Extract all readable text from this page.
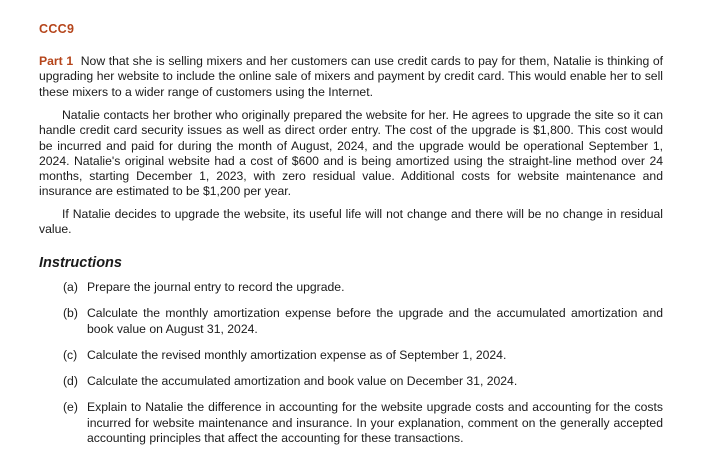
CCC9

Part 1 Now that she is selling mixers and her customers can use credit cards to pay for them, Natalie is thinking of upgrading her website to include the online sale of mixers and payment by credit card. This would enable her to sell these mixers to a wider range of customers using the Internet.

Natalie contacts her brother who originally prepared the website for her. He agrees to upgrade the site so it can handle credit card security issues as well as direct order entry. The cost of the upgrade is $1,800. This cost would be incurred and paid for during the month of August, 2024, and the upgrade would be operational September 1, 2024. Natalie's original website had a cost of $600 and is being amortized using the straight-line method over 24 months, starting December 1, 2023, with zero residual value. Additional costs for website maintenance and insurance are estimated to be $1,200 per year.

If Natalie decides to upgrade the website, its useful life will not change and there will be no change in residual value.

Instructions
(a) Prepare the journal entry to record the upgrade.
(b) Calculate the monthly amortization expense before the upgrade and the accumulated amortization and book value on August 31, 2024.
(c) Calculate the revised monthly amortization expense as of September 1, 2024.
(d) Calculate the accumulated amortization and book value on December 31, 2024.
(e) Explain to Natalie the difference in accounting for the website upgrade costs and accounting for the costs incurred for website maintenance and insurance. In your explanation, comment on the generally accepted accounting principles that affect the accounting for these transactions.
